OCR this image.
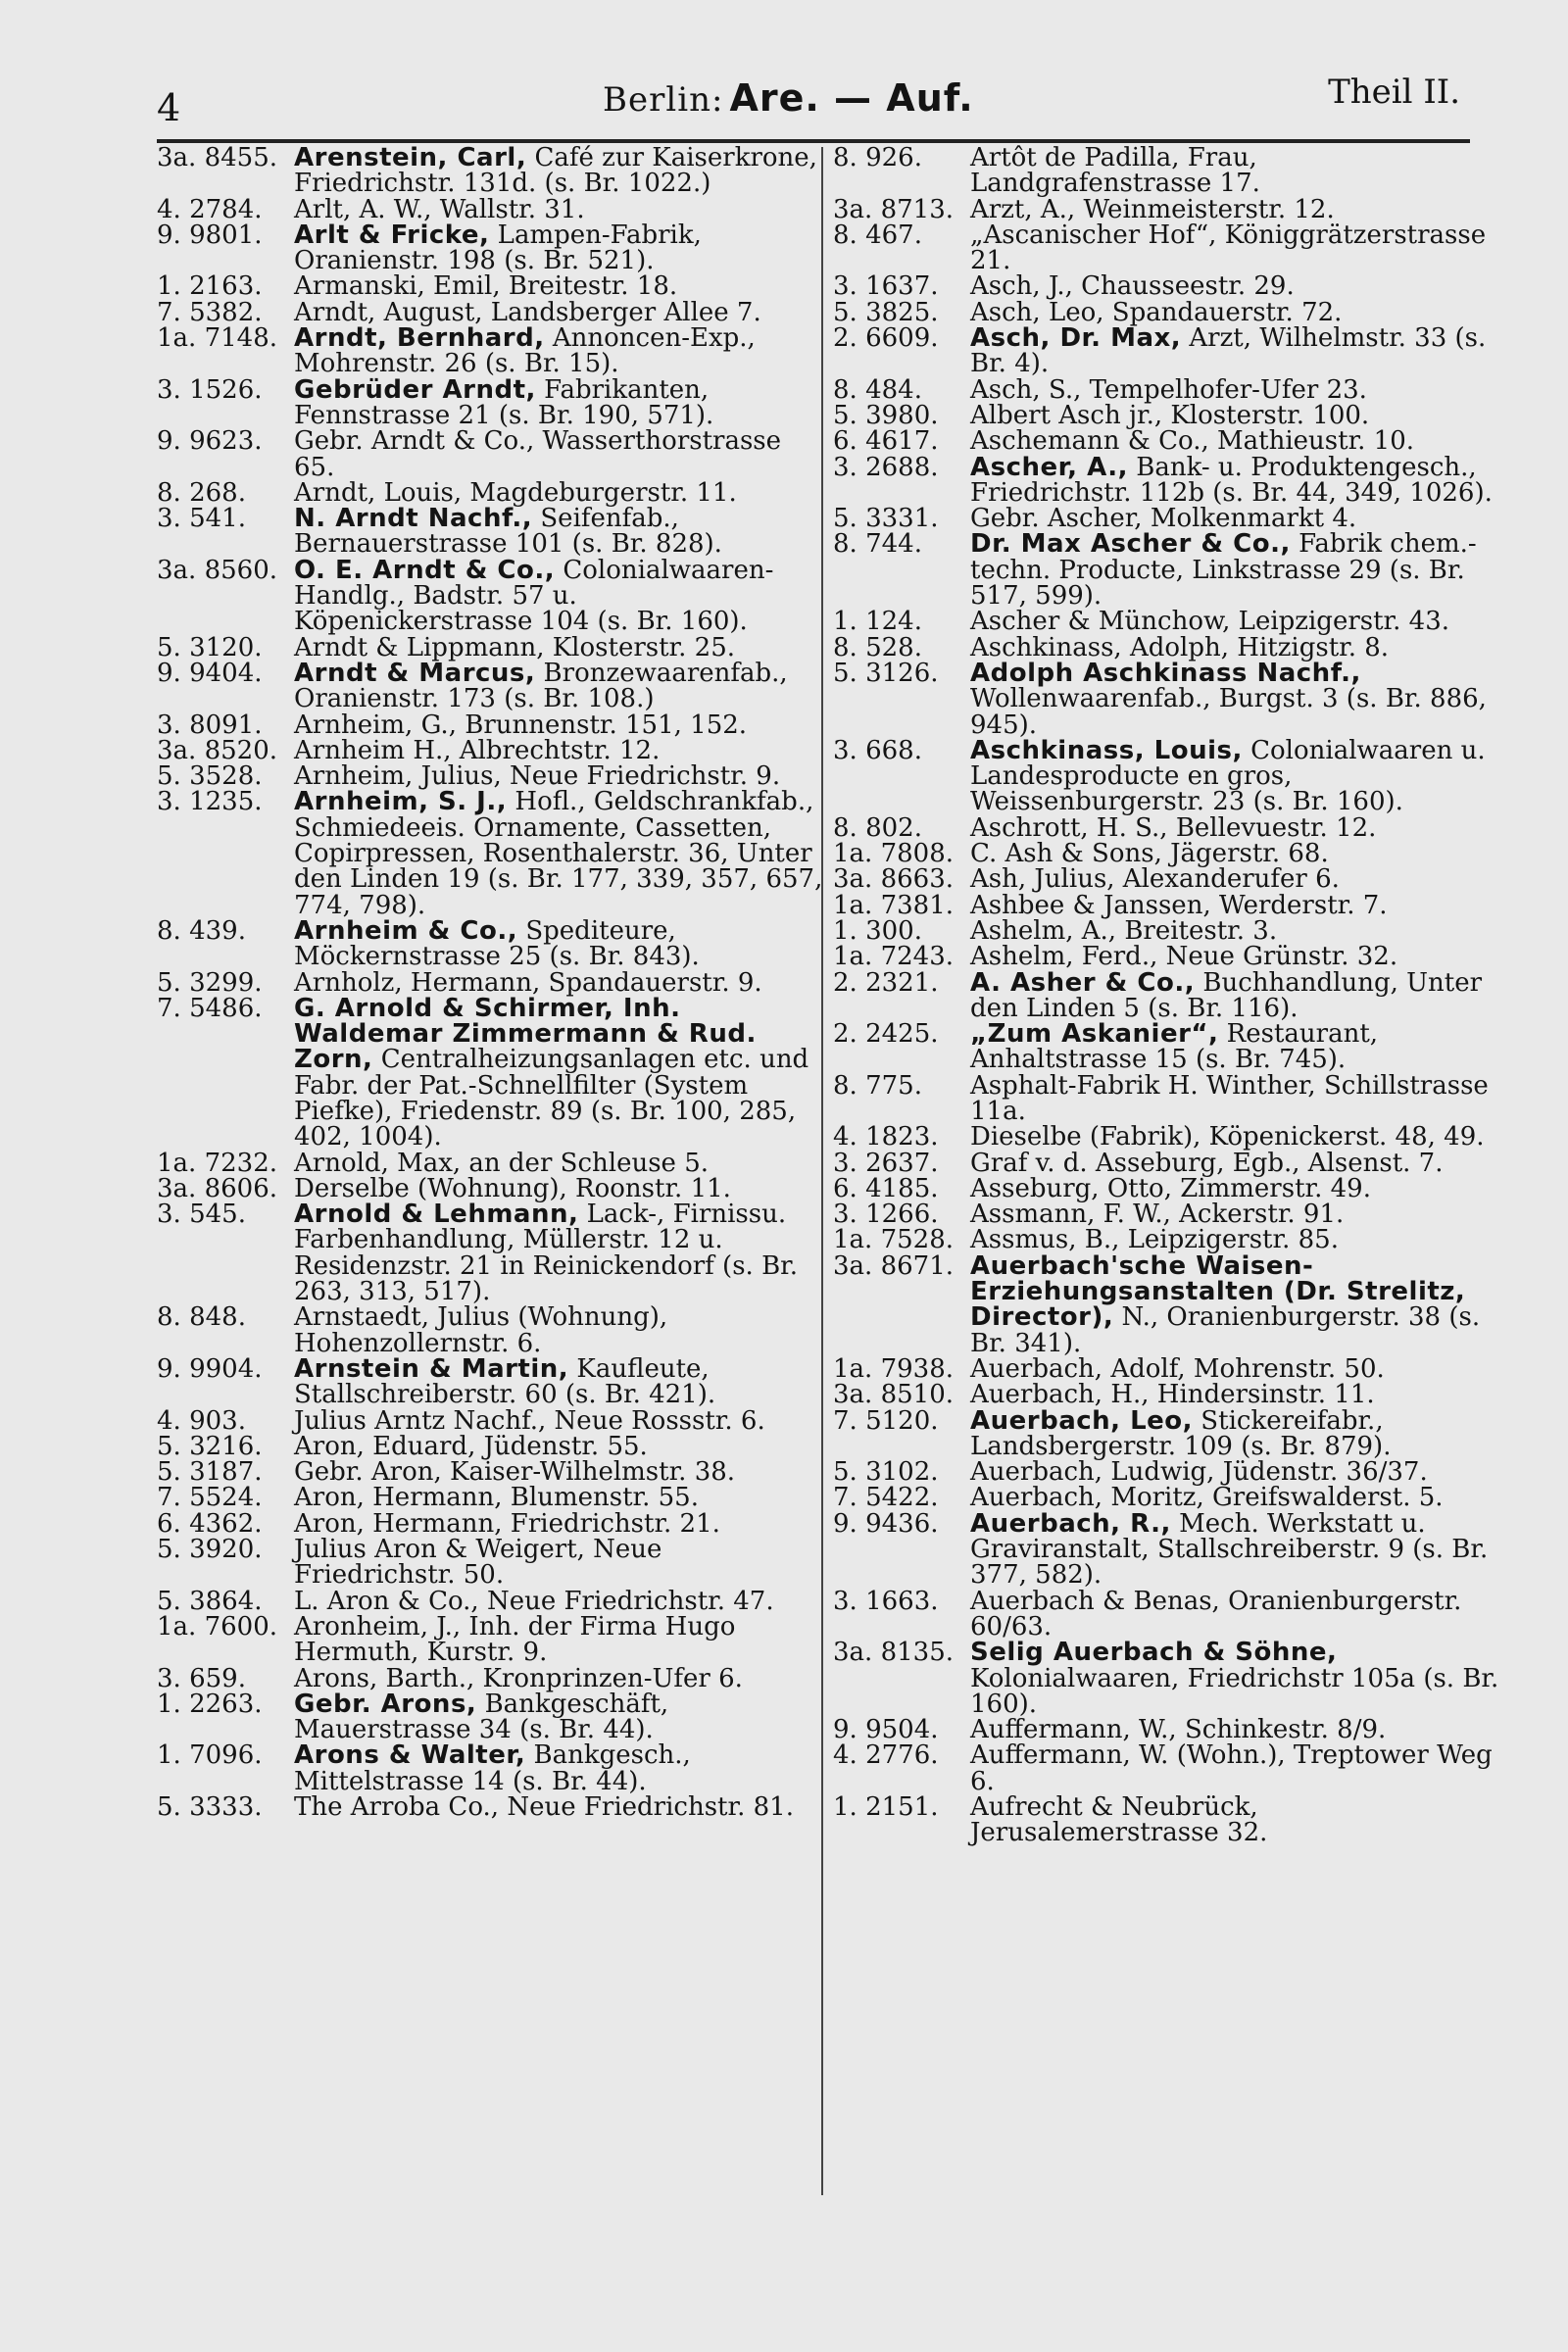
4	Berlin: Are. — Auf.	Theil II.
3a. 8455. Arenstein, Carl, Café zur Kaiserkrone, Friedrichstr. 131d. (s. Br. 1022.)
4. 2784.	Arlt, A. W., Wallstr. 31.
9. 9801.	Arlt & Fricke, Lampen-Fabrik, Oranienstr. 198 (s. Br. 521).
1. 2163.	Armanski, Emil, Breitestr. 18.
7. 5382.	Arndt, August, Landsberger Allee 7.
1a. 7148. Arndt, Bernhard, Annoncen-Exp., Mohrenstr. 26 (s. Br. 15).
3. 1526.	Gebrüder Arndt, Fabrikanten, Fennstrasse 21 (s. Br. 190, 571).
9. 9623.	Gebr. Arndt & Co., Wasserthorstrasse 65.
8. 268.	Arndt, Louis, Magdeburgerstr. 11.
3. 541.	N. Arndt Nachf., Seifenfab., Bernauerstrasse 101 (s. Br. 828).
3a. 8560. O. E. Arndt & Co., Colonialwaaren-Handlg., Badstr. 57 u. Köpenickerstrasse 104 (s. Br. 160).
5. 3120.	Arndt & Lippmann, Klosterstr. 25.
9. 9404.	Arndt & Marcus, Bronzewaarenfab., Oranienstr. 173 (s. Br. 108.)
3. 8091.	Arnheim, G., Brunnenstr. 151, 152.
3a. 8520. Arnheim H., Albrechtstr. 12.
5. 3528.	Arnheim, Julius, Neue Friedrichstr. 9.
3. 1235.	Arnheim, S. J., Hofl., Geldschrankfab., Schmiedeeis. Ornamente, Cassetten, Copirpressen, Rosenthalerstr. 36, Unter den Linden 19 (s. Br. 177, 339, 357, 657, 774, 798).
8. 439.	Arnheim & Co., Spediteure, Möckernstrasse 25 (s. Br. 843).
5. 3299.	Arnholz, Hermann, Spandauerstr. 9.
7. 5486.	G. Arnold & Schirmer, Inh. Waldemar Zimmermann & Rud. Zorn, Centralheizungsanlagen etc. und Fabr. der Pat.-Schnellfilter (System Piefke), Friedenstr. 89 (s. Br. 100, 285, 402, 1004).
1a. 7232. Arnold, Max, an der Schleuse 5.
3a. 8606. Derselbe (Wohnung), Roonstr. 11.
3. 545.	Arnold & Lehmann, Lack-, Firnissu. Farbenhandlung, Müllerstr. 12 u. Residenzstr. 21 in Reinickendorf (s. Br. 263, 313, 517).
8. 848.	Arnstaedt, Julius (Wohnung), Hohenzollernstr. 6.
9. 9904.	Arnstein & Martin, Kaufleute, Stallschreiberstr. 60 (s. Br. 421).
4. 903.	Julius Arntz Nachf., Neue Rossstr. 6.
5. 3216.	Aron, Eduard, Jüdenstr. 55.
5. 3187.	Gebr. Aron, Kaiser-Wilhelmstr. 38.
7. 5524.	Aron, Hermann, Blumenstr. 55.
6. 4362.	Aron, Hermann, Friedrichstr. 21.
5. 3920.	Julius Aron & Weigert, Neue Friedrichstr. 50.
5. 3864.	L. Aron & Co., Neue Friedrichstr. 47.
1a. 7600. Aronheim, J., Inh. der Firma Hugo Hermuth, Kurstr. 9.
3. 659.	Arons, Barth., Kronprinzen-Ufer 6.
1. 2263.	Gebr. Arons, Bankgeschäft, Mauerstrasse 34 (s. Br. 44).
1. 7096.	Arons & Walter, Bankgesch., Mittelstrasse 14 (s. Br. 44).
5. 3333.	The Arroba Co., Neue Friedrichstr. 81.
8. 926.	Artôt de Padilla, Frau, Landgrafenstrasse 17.
3a. 8713. Arzt, A., Weinmeisterstr. 12.
8. 467.	„Ascanischer Hof“, Königgrätzerstrasse 21.
3. 1637.	Asch, J., Chausseestr. 29.
5. 3825.	Asch, Leo, Spandauerstr. 72.
2. 6609.	Asch, Dr. Max, Arzt, Wilhelmstr. 33 (s. Br. 4).
8. 484.	Asch, S., Tempelhofer-Ufer 23.
5. 3980.	Albert Asch jr., Klosterstr. 100.
6. 4617.	Aschemann & Co., Mathieustr. 10.
3. 2688.	Ascher, A., Bank- u. Produktengesch., Friedrichstr. 112b (s. Br. 44, 349, 1026).
5. 3331.	Gebr. Ascher, Molkenmarkt 4.
8. 744.	Dr. Max Ascher & Co., Fabrik chem.-techn. Producte, Linkstrasse 29 (s. Br. 517, 599).
1. 124.	Ascher & Münchow, Leipzigerstr. 43.
8. 528.	Aschkinass, Adolph, Hitzigstr. 8.
5. 3126.	Adolph Aschkinass Nachf., Wollenwaarenfab., Burgst. 3 (s. Br. 886, 945).
3. 668.	Aschkinass, Louis, Colonialwaaren u. Landesproducte en gros, Weissenburgerstr. 23 (s. Br. 160).
8. 802.	Aschrott, H. S., Bellevuestr. 12.
1a. 7808. C. Ash & Sons, Jägerstr. 68.
3a. 8663. Ash, Julius, Alexanderufer 6.
1a. 7381. Ashbee & Janssen, Werderstr. 7.
1. 300.	Ashelm, A., Breitestr. 3.
1a. 7243. Ashelm, Ferd., Neue Grünstr. 32.
2. 2321.	A. Asher & Co., Buchhandlung, Unter den Linden 5 (s. Br. 116).
2. 2425.	„Zum Askanier“, Restaurant, Anhaltstrasse 15 (s. Br. 745).
8. 775.	Asphalt-Fabrik H. Winther, Schillstrasse 11a.
4. 1823.	Dieselbe (Fabrik), Köpenickerst. 48, 49.
3. 2637.	Graf v. d. Asseburg, Egb., Alsenst. 7.
6. 4185.	Asseburg, Otto, Zimmerstr. 49.
3. 1266.	Assmann, F. W., Ackerstr. 91.
1a. 7528. Assmus, B., Leipzigerstr. 85.
3a. 8671. Auerbach'sche Waisen-Erziehungsanstalten (Dr. Strelitz, Director), N., Oranienburgerstr. 38 (s. Br. 341).
1a. 7938. Auerbach, Adolf, Mohrenstr. 50.
3a. 8510. Auerbach, H., Hindersinstr. 11.
7. 5120.	Auerbach, Leo, Stickereifabr., Landsbergerstr. 109 (s. Br. 879).
5. 3102.	Auerbach, Ludwig, Jüdenstr. 36/37.
7. 5422.	Auerbach, Moritz, Greifswalderst. 5.
9. 9436.	Auerbach, R., Mech. Werkstatt u. Graviranstalt, Stallschreiberstr. 9 (s. Br. 377, 582).
3. 1663.	Auerbach & Benas, Oranienburgerstr. 60/63.
3a. 8135. Selig Auerbach & Söhne, Kolonialwaaren, Friedrichstr 105a (s. Br. 160).
9. 9504.	Auffermann, W., Schinkestr. 8/9.
4. 2776.	Auffermann, W. (Wohn.), Treptower Weg 6.
1. 2151.	Aufrecht & Neubrück, Jerusalemerstrasse 32.
